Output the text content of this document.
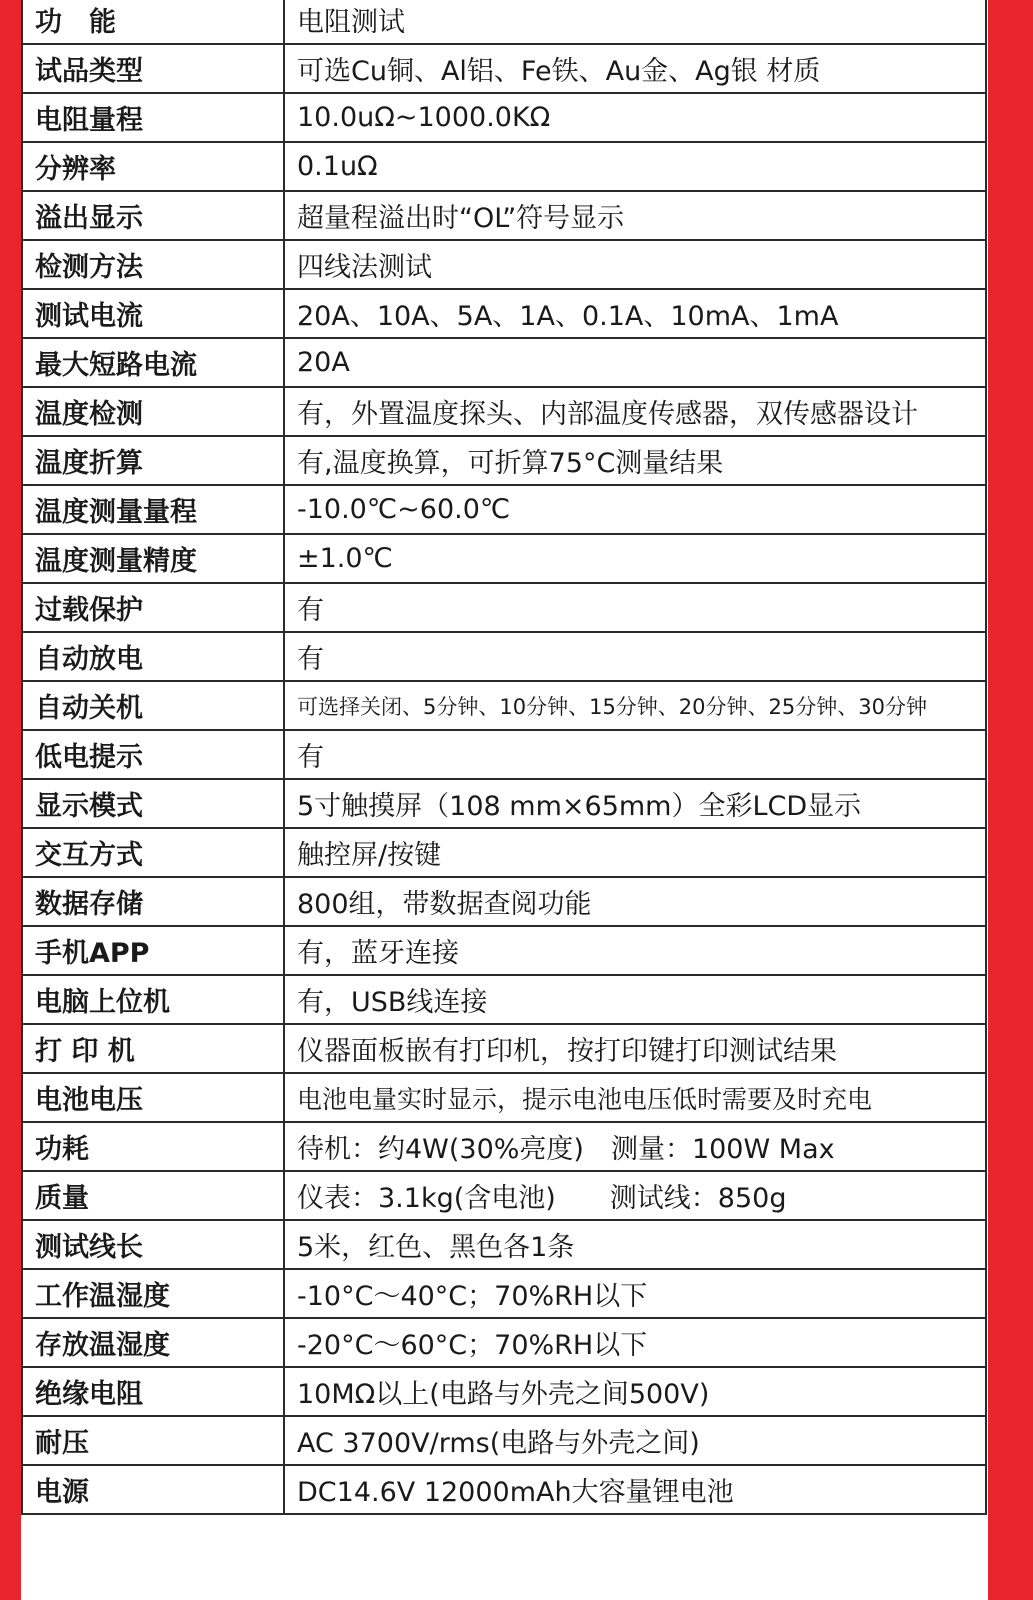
功　能	电阻测试
试品类型	可选Cu铜、Al铝、Fe铁、Au金、Ag银 材质
电阻量程	10.0uΩ~1000.0KΩ
分辨率	0.1uΩ
溢出显示	超量程溢出时“OL”符号显示
检测方法	四线法测试
测试电流	20A、10A、5A、1A、0.1A、10mA、1mA
最大短路电流	20A
温度检测	有，外置温度探头、内部温度传感器，双传感器设计
温度折算	有,温度换算，可折算75°C测量结果
温度测量量程	-10.0℃~60.0℃
温度测量精度	±1.0℃
过载保护	有
自动放电	有
自动关机	可选择关闭、5分钟、10分钟、15分钟、20分钟、25分钟、30分钟
低电提示	有
显示模式	5寸触摸屏（108 mm×65mm）全彩LCD显示
交互方式	触控屏/按键
数据存储	800组，带数据查阅功能
手机APP	有，蓝牙连接
电脑上位机	有，USB线连接
打 印 机	仪器面板嵌有打印机，按打印键打印测试结果
电池电压	电池电量实时显示，提示电池电压低时需要及时充电
功耗	待机：约4W(30%亮度)　测量：100W Max
质量	仪表：3.1kg(含电池)　　测试线：850g
测试线长	5米，红色、黑色各1条
工作温湿度	-10°C～40°C；70%RH以下
存放温湿度	-20°C～60°C；70%RH以下
绝缘电阻	10MΩ以上(电路与外壳之间500V)
耐压	AC 3700V/rms(电路与外壳之间)
电源	DC14.6V 12000mAh大容量锂电池
